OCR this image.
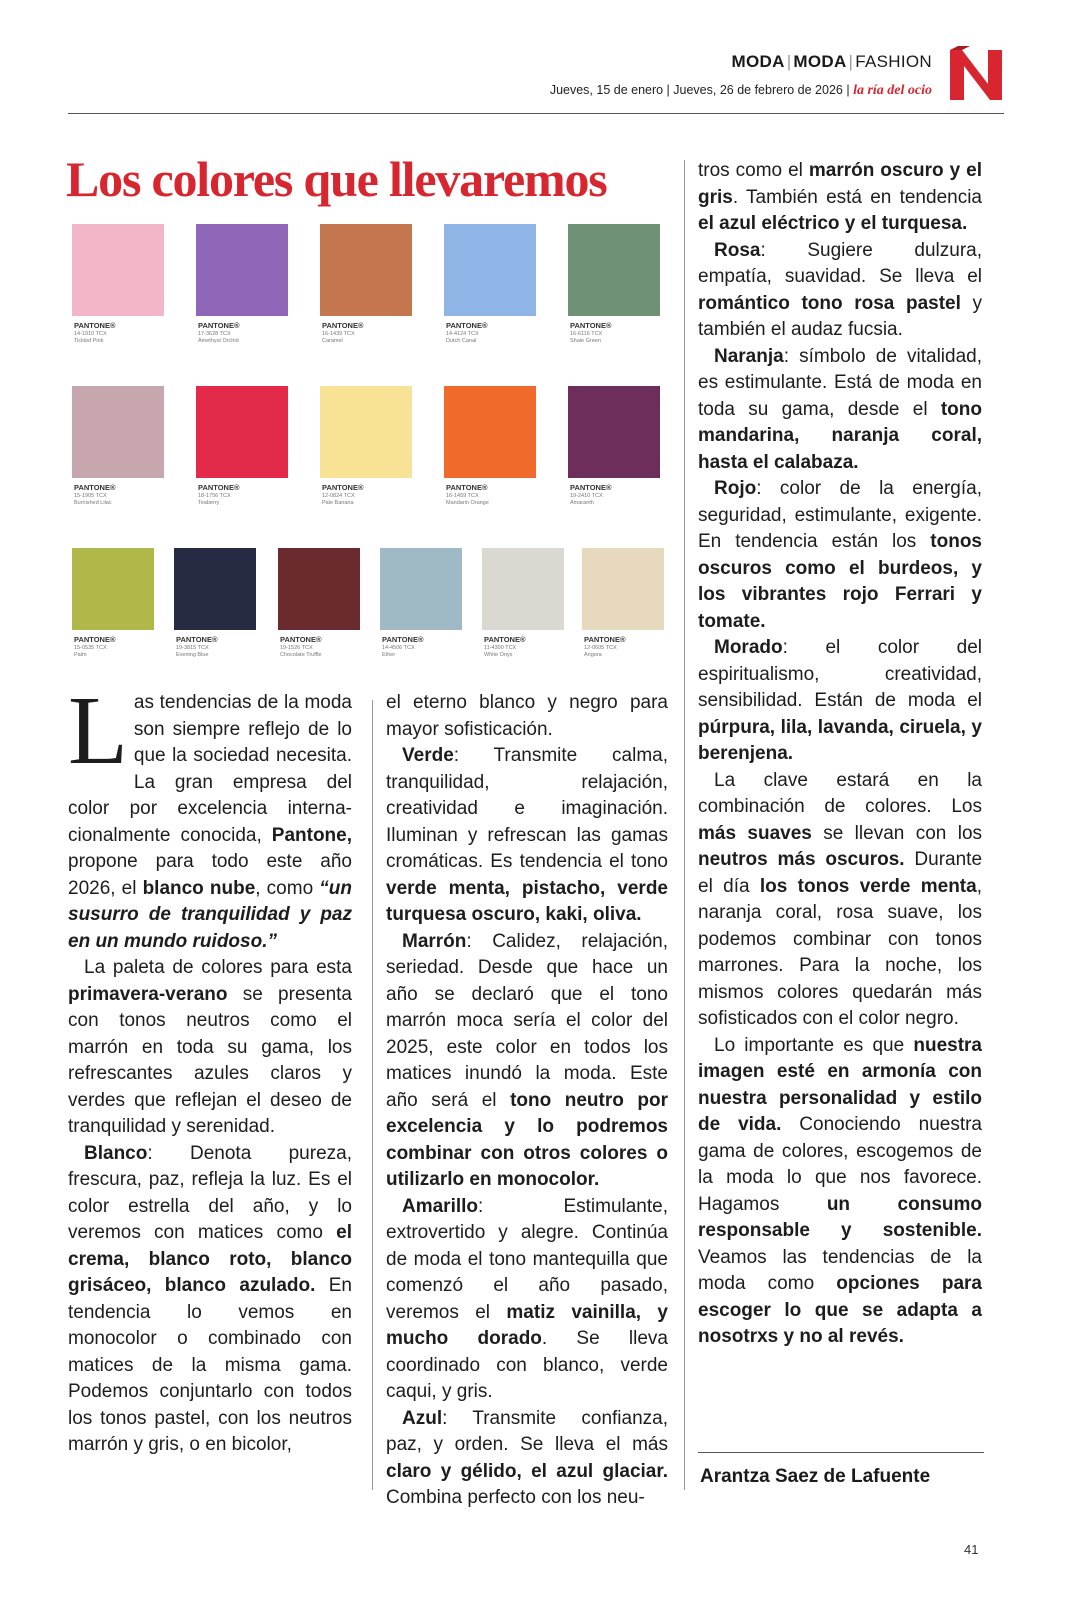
MODA | MODA | FASHION
Jueves, 15 de enero | Jueves, 26 de febrero de 2026 | la ría del ocio
Los colores que llevaremos
PANTONE®
14-1910 TCX
Tickled Pink
PANTONE®
17-3628 TCX
Amethyst Orchid
PANTONE®
16-1439 TCX
Caramel
PANTONE®
14-4124 TCX
Dutch Canal
PANTONE®
16-6116 TCX
Shale Green
PANTONE®
15-1905 TCX
Burnished Lilac
PANTONE®
18-1756 TCX
Teaberry
PANTONE®
12-0824 TCX
Pale Banana
PANTONE®
16-1459 TCX
Mandarin Orange
PANTONE®
19-2410 TCX
Amaranth
PANTONE®
15-0535 TCX
Palm
PANTONE®
19-3815 TCX
Evening Blue
PANTONE®
19-1526 TCX
Chocolate Truffle
PANTONE®
14-4506 TCX
Ether
PANTONE®
11-4300 TCX
White Onyx
PANTONE®
12-0605 TCX
Angora

Las tendencias de la moda son siempre reflejo de lo que la sociedad necesita. La gran empresa del color por excelencia internacionalmente conocida, Pantone, propone para todo este año 2026, el blanco nube, como “un susurro de tranquilidad y paz en un mundo ruidoso.”

La paleta de colores para esta primavera-verano se presenta con tonos neutros como el marrón en toda su gama, los refrescantes azules claros y verdes que reflejan el deseo de tranquilidad y serenidad.

Blanco: Denota pureza, frescura, paz, refleja la luz. Es el color estrella del año, y lo veremos con matices como el crema, blanco roto, blanco grisáceo, blanco azulado. En tendencia lo vemos en monocolor o combinado con matices de la misma gama. Podemos conjuntarlo con todos los tonos pastel, con los neutros marrón y gris, o en bicolor,

el eterno blanco y negro para mayor sofisticación.

Verde: Transmite calma, tranquilidad, relajación, creatividad e imaginación. Iluminan y refrescan las gamas cromáticas. Es tendencia el tono verde menta, pistacho, verde turquesa oscuro, kaki, oliva.

Marrón: Calidez, relajación, seriedad. Desde que hace un año se declaró que el tono marrón moca sería el color del 2025, este color en todos los matices inundó la moda. Este año será el tono neutro por excelencia y lo podremos combinar con otros colores o utilizarlo en monocolor.

Amarillo: Estimulante, extrovertido y alegre. Continúa de moda el tono mantequilla que comenzó el año pasado, veremos el matiz vainilla, y mucho dorado. Se lleva coordinado con blanco, verde caqui, y gris.

Azul: Transmite confianza, paz, y orden. Se lleva el más claro y gélido, el azul glaciar. Combina perfecto con los neu-

tros como el marrón oscuro y el gris. También está en tendencia el azul eléctrico y el turquesa.

Rosa: Sugiere dulzura, empatía, suavidad. Se lleva el romántico tono rosa pastel y también el audaz fucsia.

Naranja: símbolo de vitalidad, es estimulante. Está de moda en toda su gama, desde el tono mandarina, naranja coral, hasta el calabaza.

Rojo: color de la energía, seguridad, estimulante, exigente. En tendencia están los tonos oscuros como el burdeos, y los vibrantes rojo Ferrari y tomate.

Morado: el color del espiritualismo, creatividad, sensibilidad. Están de moda el púrpura, lila, lavanda, ciruela, y berenjena.

La clave estará en la combinación de colores. Los más suaves se llevan con los neutros más oscuros. Durante el día los tonos verde menta, naranja coral, rosa suave, los podemos combinar con tonos marrones. Para la noche, los mismos colores quedarán más sofisticados con el color negro.

Lo importante es que nuestra imagen esté en armonía con nuestra personalidad y estilo de vida. Conociendo nuestra gama de colores, escogemos de la moda lo que nos favorece. Hagamos un consumo responsable y sostenible. Veamos las tendencias de la moda como opciones para escoger lo que se adapta a nosotrxs y no al revés.

Arantza Saez de Lafuente
41
